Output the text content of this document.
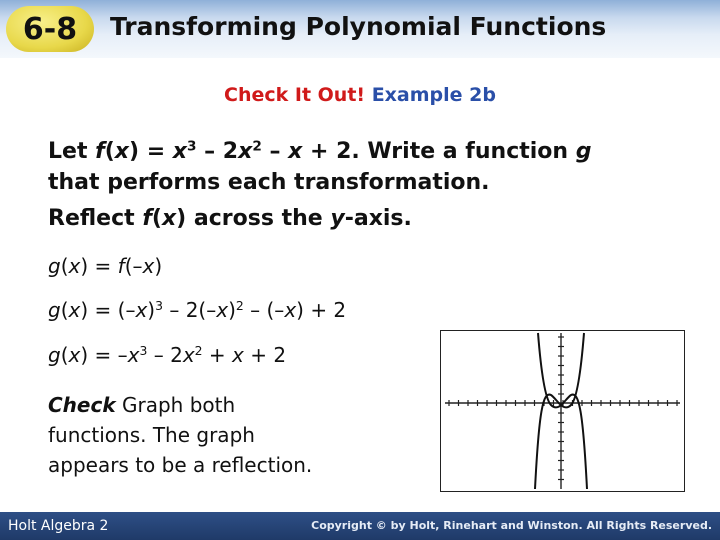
6-8	Transforming Polynomial Functions
Check It Out! Example 2b
Let $f(x) = x^3 - 2x^2 - x + 2$. Write a function g
that performs each transformation.
Reflect f(x) across the y-axis.
g(x) = f(–x)
$g(x) = (-x)^3 - 2(-x)^2 - (-x) + 2$
$g(x) = -x^3 - 2x^2 + x + 2$
Check Graph both
functions. The graph
appears to be a reflection.
Holt Algebra 2	Copyright © by Holt, Rinehart and Winston. All Rights Reserved.
